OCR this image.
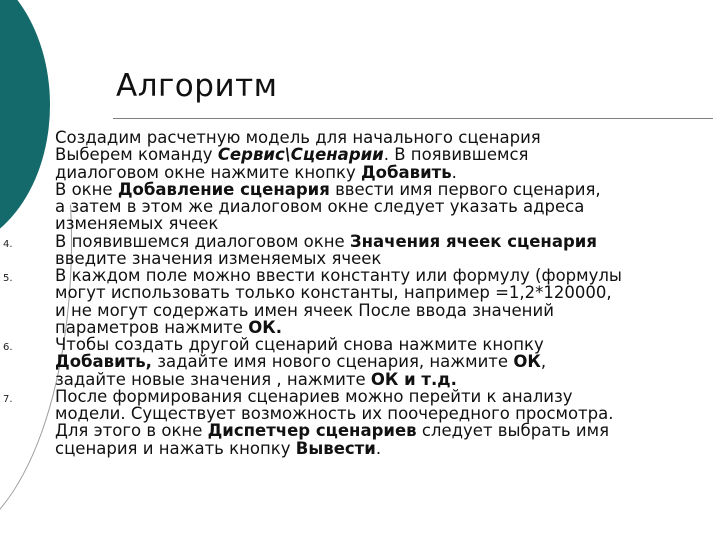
Алгоритм
Создадим расчетную модель для начального сценария
Выберем команду Сервис\Сценарии. В появившемся
диалоговом окне нажмите кнопку Добавить.
В окне Добавление сценария ввести имя первого сценария,
а затем в этом же диалоговом окне следует указать адреса
изменяемых ячеек
4.	В появившемся диалоговом окне Значения ячеек сценария
введите значения изменяемых ячеек
5.	В каждом поле можно ввести константу или формулу (формулы
могут использовать только константы, например =1,2*120000,
и не могут содержать имен ячеек После ввода значений
параметров нажмите ОК.
6.	Чтобы создать другой сценарий снова нажмите кнопку
Добавить, задайте имя нового сценария, нажмите ОК,
задайте новые значения , нажмите ОК и т.д.
7.	После формирования сценариев можно перейти к анализу
модели. Существует возможность их поочередного просмотра.
Для этого в окне Диспетчер сценариев следует выбрать имя
сценария и нажать кнопку Вывести.
